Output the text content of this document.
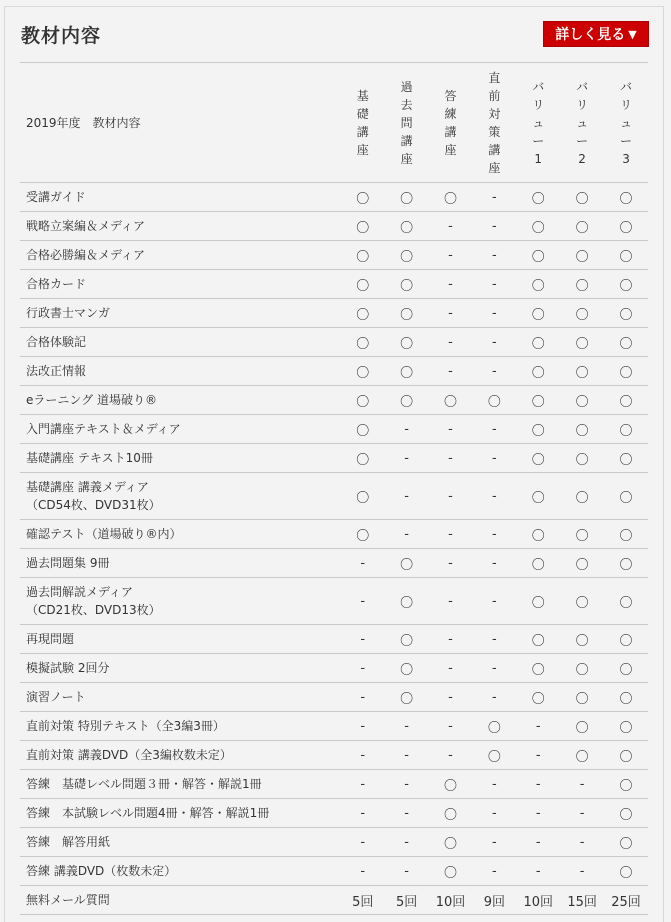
教材内容	詳しく見る ▼
2019年度　教材内容	基礎講座	過去問講座	答練講座	直前対策講座	バリュー1	バリュー2	バリュー3
受講ガイド	〇	〇	〇	-	〇	〇	〇
戦略立案編＆メディア	〇	〇	-	-	〇	〇	〇
合格必勝編＆メディア	〇	〇	-	-	〇	〇	〇
合格カード	〇	〇	-	-	〇	〇	〇
行政書士マンガ	〇	〇	-	-	〇	〇	〇
合格体験記	〇	〇	-	-	〇	〇	〇
法改正情報	〇	〇	-	-	〇	〇	〇
eラーニング 道場破り®	〇	〇	〇	〇	〇	〇	〇
入門講座テキスト＆メディア	〇	-	-	-	〇	〇	〇
基礎講座 テキスト10冊	〇	-	-	-	〇	〇	〇
基礎講座 講義メディア
（CD54枚、DVD31枚）	〇	-	-	-	〇	〇	〇
確認テスト（道場破り®内）	〇	-	-	-	〇	〇	〇
過去問題集 9冊	-	〇	-	-	〇	〇	〇
過去問解説メディア
（CD21枚、DVD13枚）	-	〇	-	-	〇	〇	〇
再現問題	-	〇	-	-	〇	〇	〇
模擬試験 2回分	-	〇	-	-	〇	〇	〇
演習ノート	-	〇	-	-	〇	〇	〇
直前対策 特別テキスト（全3編3冊）	-	-	-	〇	-	〇	〇
直前対策 講義DVD（全3編枚数未定）	-	-	-	〇	-	〇	〇
答練　基礎レベル問題３冊・解答・解説1冊	-	-	〇	-	-	-	〇
答練　本試験レベル問題4冊・解答・解説1冊	-	-	〇	-	-	-	〇
答練　解答用紙	-	-	〇	-	-	-	〇
答練 講義DVD（枚数未定）	-	-	〇	-	-	-	〇
無料メール質問	5回	5回	10回	9回	10回	15回	25回
